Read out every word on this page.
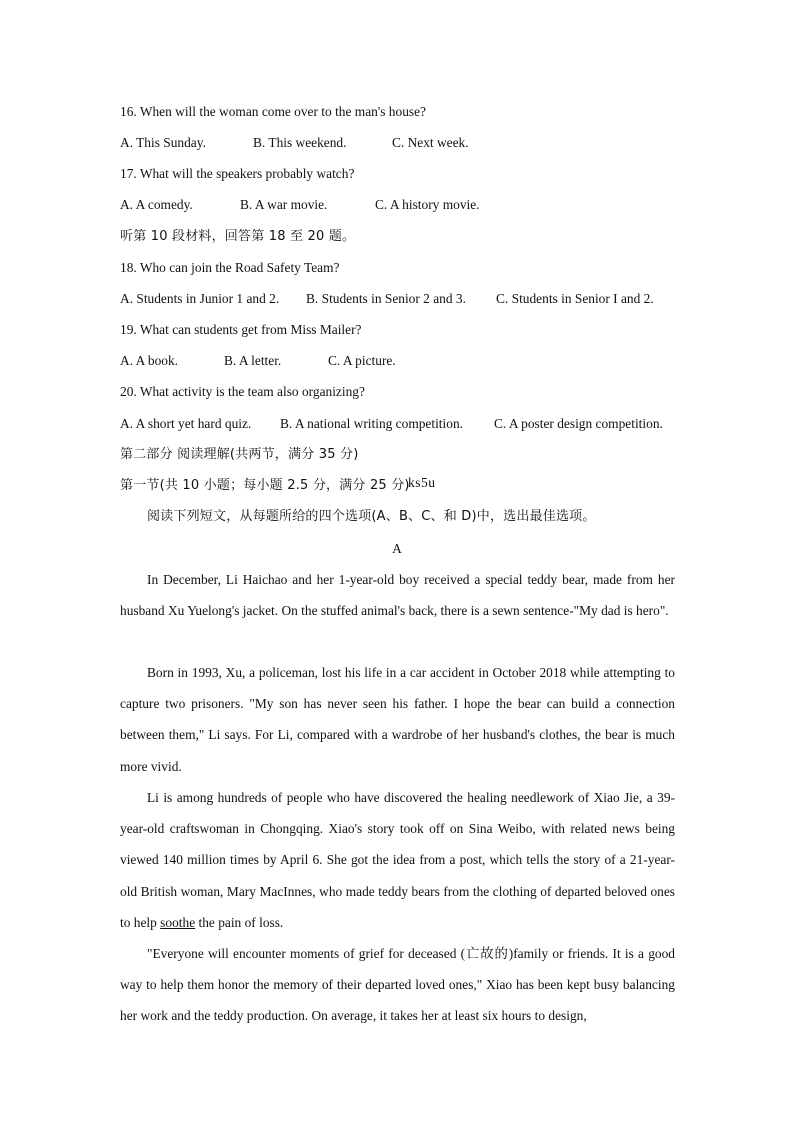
16. When will the woman come over to the man's house?
A. This Sunday.	B. This weekend.	C. Next week.
17. What will the speakers probably watch?
A. A comedy.	B. A war movie.	C. A history movie.
听第 10 段材料，回答第 18 至 20 题。
18. Who can join the Road Safety Team?
A. Students in Junior 1 and 2. B. Students in Senior 2 and 3. C. Students in Senior I and 2.
19. What can students get from Miss Mailer?
A. A book.	B. A letter.	C. A picture.
20. What activity is the team also organizing?
A. A short yet hard quiz. B. A national writing competition. C. A poster design competition.
第二部分 阅读理解(共两节，满分 35 分)
第一节(共 10 小题；每小题 2.5 分，满分 25 分)
ks5u
阅读下列短文，从每题所给的四个选项(A、B、C、和 D)中，选出最佳选项。
A
In December, Li Haichao and her 1-year-old boy received a special teddy bear, made from her husband Xu Yuelong's jacket. On the stuffed animal's back, there is a sewn sentence-"My dad is hero".
Born in 1993, Xu, a policeman, lost his life in a car accident in October 2018 while attempting to capture two prisoners. "My son has never seen his father. I hope the bear can build a connection between them," Li says. For Li, compared with a wardrobe of her husband's clothes, the bear is much more vivid.
Li is among hundreds of people who have discovered the healing needlework of Xiao Jie, a 39-year-old craftswoman in Chongqing. Xiao's story took off on Sina Weibo, with related news being viewed 140 million times by April 6. She got the idea from a post, which tells the story of a 21-year-old British woman, Mary MacInnes, who made teddy bears from the clothing of departed beloved ones to help soothe the pain of loss.
"Everyone will encounter moments of grief for deceased (亡故的)family or friends. It is a good way to help them honor the memory of their departed loved ones," Xiao has been kept busy balancing her work and the teddy production. On average, it takes her at least six hours to design,
